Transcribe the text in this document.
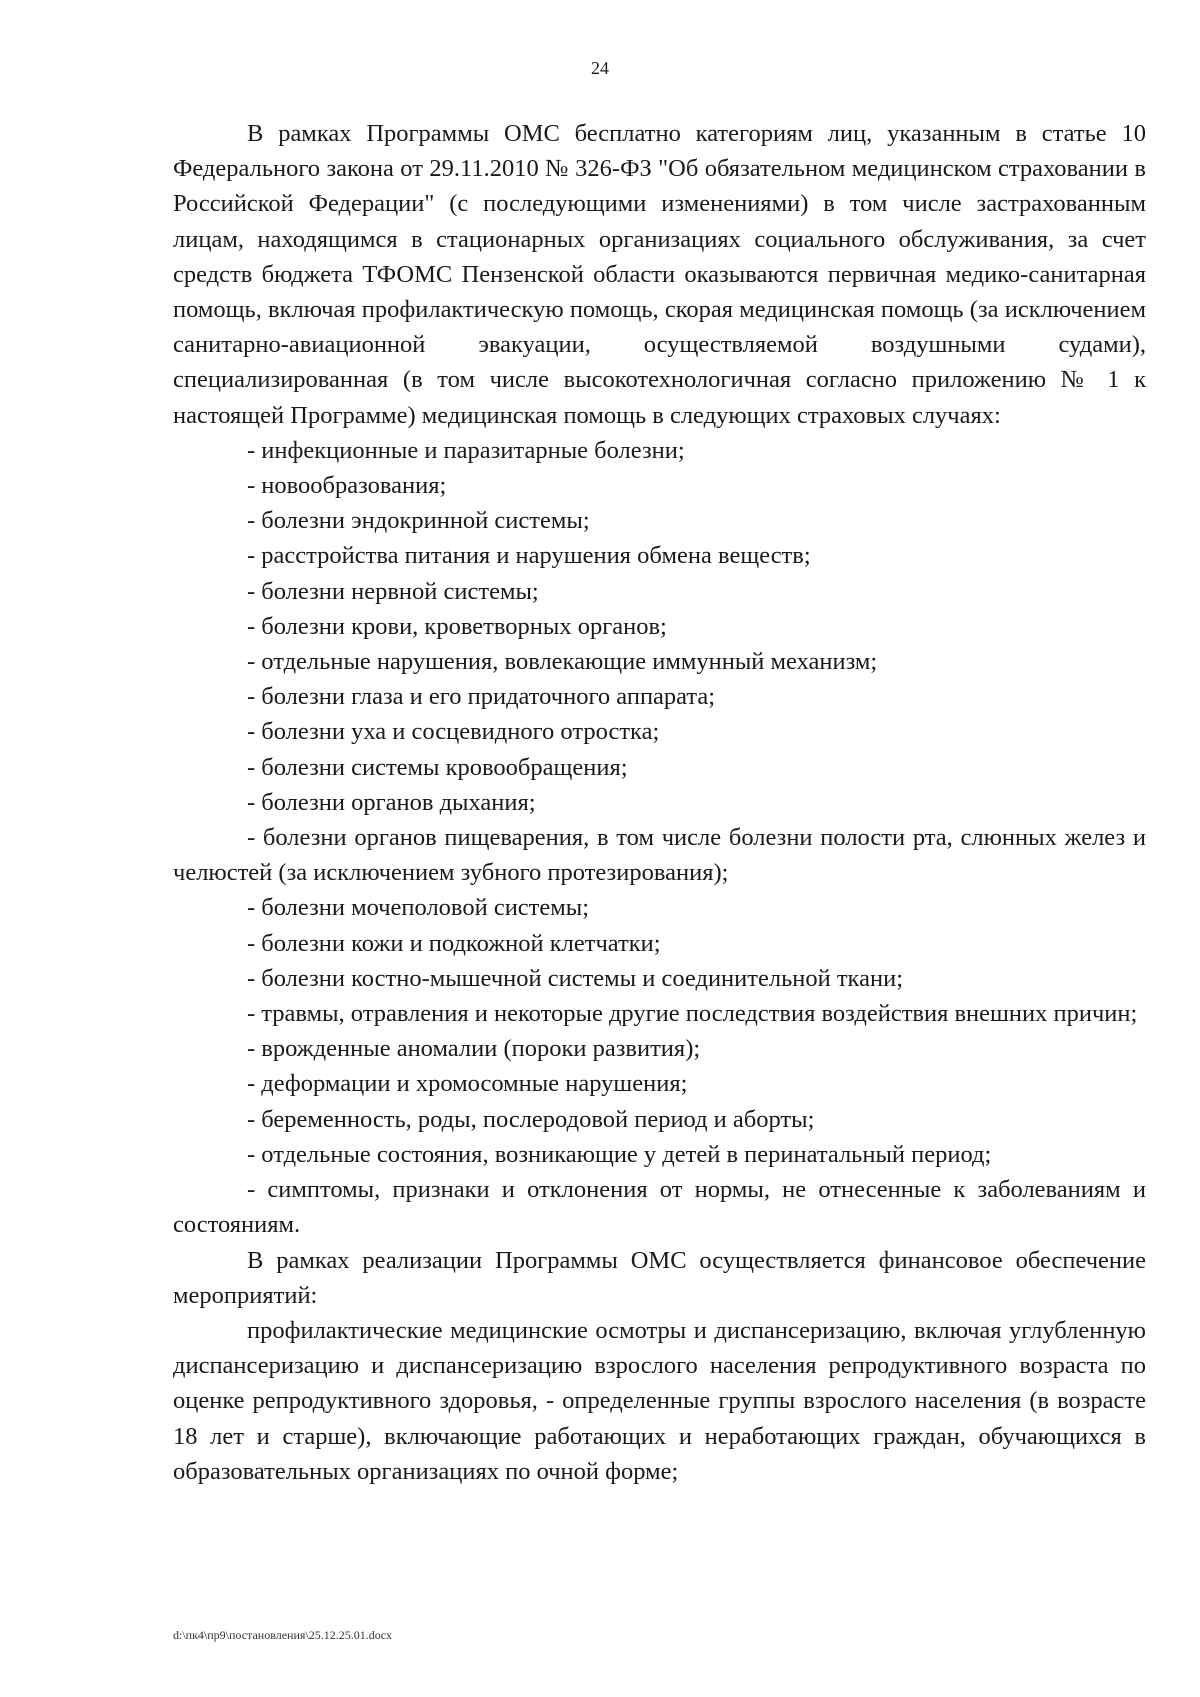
24

В рамках Программы ОМС бесплатно категориям лиц, указанным в статье 10 Федерального закона от 29.11.2010 № 326-ФЗ "Об обязательном медицинском страховании в Российской Федерации" (с последующими изменениями) в том числе застрахованным лицам, находящимся в стационарных организациях социального обслуживания, за счет средств бюджета ТФОМС Пензенской области оказываются первичная медико-санитарная помощь, включая профилактическую помощь, скорая медицинская помощь (за исключением санитарно-авиационной эвакуации, осуществляемой воздушными судами), специализированная (в том числе высокотехнологичная согласно приложению № 1 к настоящей Программе) медицинская помощь в следующих страховых случаях:

- инфекционные и паразитарные болезни;

- новообразования;

- болезни эндокринной системы;

- расстройства питания и нарушения обмена веществ;

- болезни нервной системы;

- болезни крови, кроветворных органов;

- отдельные нарушения, вовлекающие иммунный механизм;

- болезни глаза и его придаточного аппарата;

- болезни уха и сосцевидного отростка;

- болезни системы кровообращения;

- болезни органов дыхания;

- болезни органов пищеварения, в том числе болезни полости рта, слюнных желез и челюстей (за исключением зубного протезирования);

- болезни мочеполовой системы;

- болезни кожи и подкожной клетчатки;

- болезни костно-мышечной системы и соединительной ткани;

- травмы, отравления и некоторые другие последствия воздействия внешних причин;

- врожденные аномалии (пороки развития);

- деформации и хромосомные нарушения;

- беременность, роды, послеродовой период и аборты;

- отдельные состояния, возникающие у детей в перинатальный период;

- симптомы, признаки и отклонения от нормы, не отнесенные к заболеваниям и состояниям.

В рамках реализации Программы ОМС осуществляется финансовое обеспечение мероприятий:

профилактические медицинские осмотры и диспансеризацию, включая углубленную диспансеризацию и диспансеризацию взрослого населения репродуктивного возраста по оценке репродуктивного здоровья, - определенные группы взрослого населения (в возрасте 18 лет и старше), включающие работающих и неработающих граждан, обучающихся в образовательных организациях по очной форме;

d:\пк4\пр9\постановления\25.12.25.01.docx
